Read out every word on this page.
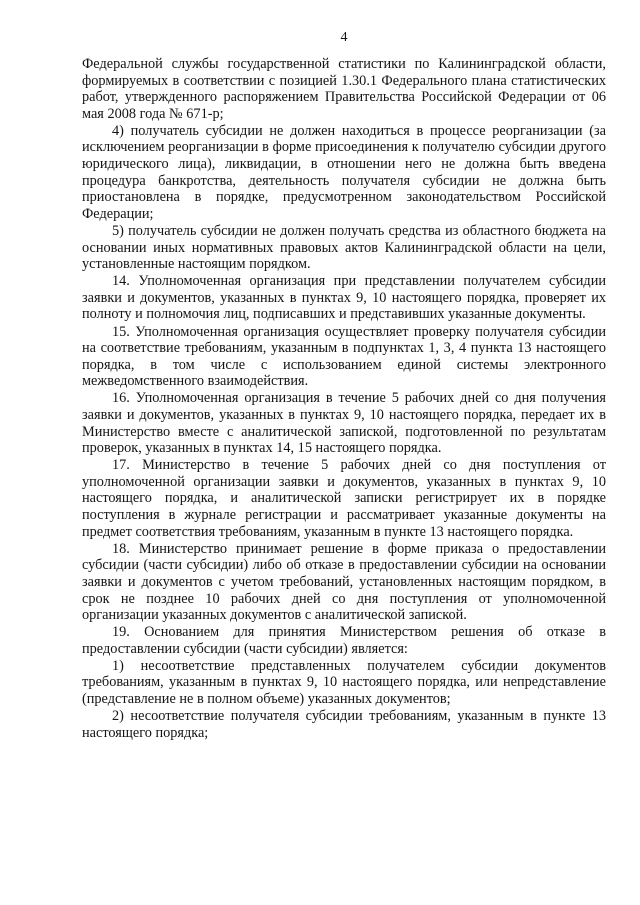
4

Федеральной службы государственной статистики по Калининградской области, формируемых в соответствии с позицией 1.30.1 Федерального плана статистических работ, утвержденного распоряжением Правительства Российской Федерации от 06 мая 2008 года № 671-р;

4) получатель субсидии не должен находиться в процессе реорганизации (за исключением реорганизации в форме присоединения к получателю субсидии другого юридического лица), ликвидации, в отношении него не должна быть введена процедура банкротства, деятельность получателя субсидии не должна быть приостановлена в порядке, предусмотренном законодательством Российской Федерации;

5) получатель субсидии не должен получать средства из областного бюджета на основании иных нормативных правовых актов Калининградской области на цели, установленные настоящим порядком.

14. Уполномоченная организация при представлении получателем субсидии заявки и документов, указанных в пунктах 9, 10 настоящего порядка, проверяет их полноту и полномочия лиц, подписавших и представивших указанные документы.

15. Уполномоченная организация осуществляет проверку получателя субсидии на соответствие требованиям, указанным в подпунктах 1, 3, 4 пункта 13 настоящего порядка, в том числе с использованием единой системы электронного межведомственного взаимодействия.

16. Уполномоченная организация в течение 5 рабочих дней со дня получения заявки и документов, указанных в пунктах 9, 10 настоящего порядка, передает их в Министерство вместе с аналитической запиской, подготовленной по результатам проверок, указанных в пунктах 14, 15 настоящего порядка.

17. Министерство в течение 5 рабочих дней со дня поступления от уполномоченной организации заявки и документов, указанных в пунктах 9, 10 настоящего порядка, и аналитической записки регистрирует их в порядке поступления в журнале регистрации и рассматривает указанные документы на предмет соответствия требованиям, указанным в пункте 13 настоящего порядка.

18. Министерство принимает решение в форме приказа о предоставлении субсидии (части субсидии) либо об отказе в предоставлении субсидии на основании заявки и документов с учетом требований, установленных настоящим порядком, в срок не позднее 10 рабочих дней со дня поступления от уполномоченной организации указанных документов с аналитической запиской.

19. Основанием для принятия Министерством решения об отказе в предоставлении субсидии (части субсидии) является:

1) несоответствие представленных получателем субсидии документов требованиям, указанным в пунктах 9, 10 настоящего порядка, или непредставление (представление не в полном объеме) указанных документов;

2) несоответствие получателя субсидии требованиям, указанным в пункте 13 настоящего порядка;
